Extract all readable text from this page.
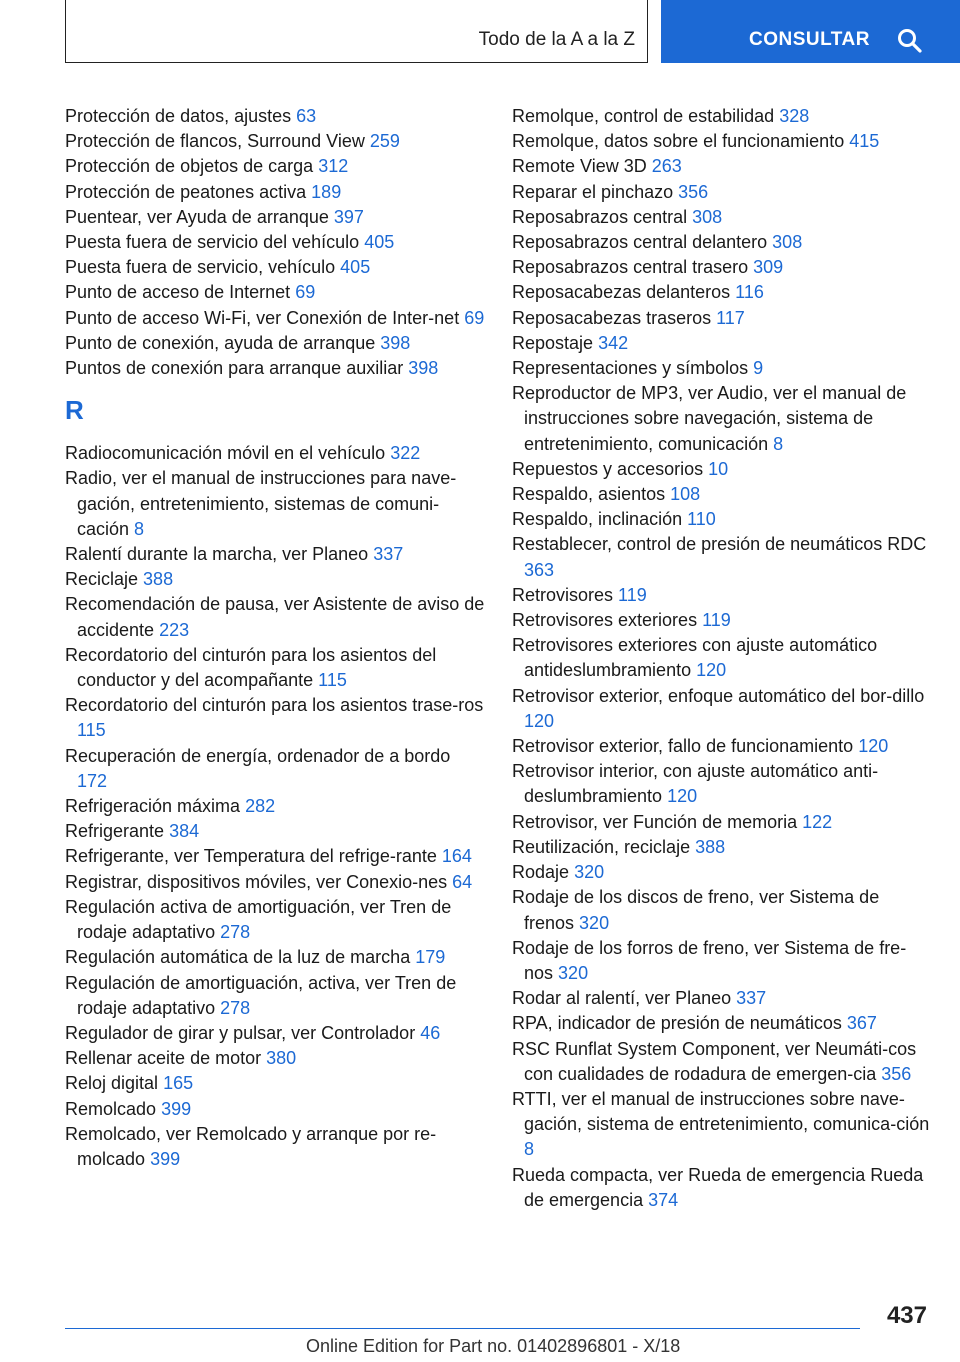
Todo de la A a la Z	CONSULTAR
Protección de datos, ajustes 63
Protección de flancos, Surround View 259
Protección de objetos de carga 312
Protección de peatones activa 189
Puentear, ver Ayuda de arranque 397
Puesta fuera de servicio del vehículo 405
Puesta fuera de servicio, vehículo 405
Punto de acceso de Internet 69
Punto de acceso Wi-Fi, ver Conexión de Inter‐net 69
Punto de conexión, ayuda de arranque 398
Puntos de conexión para arranque auxiliar 398
R
Radiocomunicación móvil en el vehículo 322
Radio, ver el manual de instrucciones para nave‐gación, entretenimiento, sistemas de comuni‐cación 8
Ralentí durante la marcha, ver Planeo 337
Reciclaje 388
Recomendación de pausa, ver Asistente de aviso de accidente 223
Recordatorio del cinturón para los asientos del conductor y del acompañante 115
Recordatorio del cinturón para los asientos trase‐ros 115
Recuperación de energía, ordenador de a bordo 172
Refrigeración máxima 282
Refrigerante 384
Refrigerante, ver Temperatura del refrige‐rante 164
Registrar, dispositivos móviles, ver Conexio‐nes 64
Regulación activa de amortiguación, ver Tren de rodaje adaptativo 278
Regulación automática de la luz de marcha 179
Regulación de amortiguación, activa, ver Tren de rodaje adaptativo 278
Regulador de girar y pulsar, ver Controlador 46
Rellenar aceite de motor 380
Reloj digital 165
Remolcado 399
Remolcado, ver Remolcado y arranque por re‐molcado 399
Remolque, control de estabilidad 328
Remolque, datos sobre el funcionamiento 415
Remote View 3D 263
Reparar el pinchazo 356
Reposabrazos central 308
Reposabrazos central delantero 308
Reposabrazos central trasero 309
Reposacabezas delanteros 116
Reposacabezas traseros 117
Repostaje 342
Representaciones y símbolos 9
Reproductor de MP3, ver Audio, ver el manual de instrucciones sobre navegación, sistema de entretenimiento, comunicación 8
Repuestos y accesorios 10
Respaldo, asientos 108
Respaldo, inclinación 110
Restablecer, control de presión de neumáticos RDC 363
Retrovisores 119
Retrovisores exteriores 119
Retrovisores exteriores con ajuste automático antideslumbramiento 120
Retrovisor exterior, enfoque automático del bor‐dillo 120
Retrovisor exterior, fallo de funcionamiento 120
Retrovisor interior, con ajuste automático anti‐deslumbramiento 120
Retrovisor, ver Función de memoria 122
Reutilización, reciclaje 388
Rodaje 320
Rodaje de los discos de freno, ver Sistema de frenos 320
Rodaje de los forros de freno, ver Sistema de fre‐nos 320
Rodar al ralentí, ver Planeo 337
RPA, indicador de presión de neumáticos 367
RSC Runflat System Component, ver Neumáti‐cos con cualidades de rodadura de emergen‐cia 356
RTTI, ver el manual de instrucciones sobre nave‐gación, sistema de entretenimiento, comunica‐ción 8
Rueda compacta, ver Rueda de emergencia Rueda de emergencia 374
437
Online Edition for Part no. 01402896801 - X/18
